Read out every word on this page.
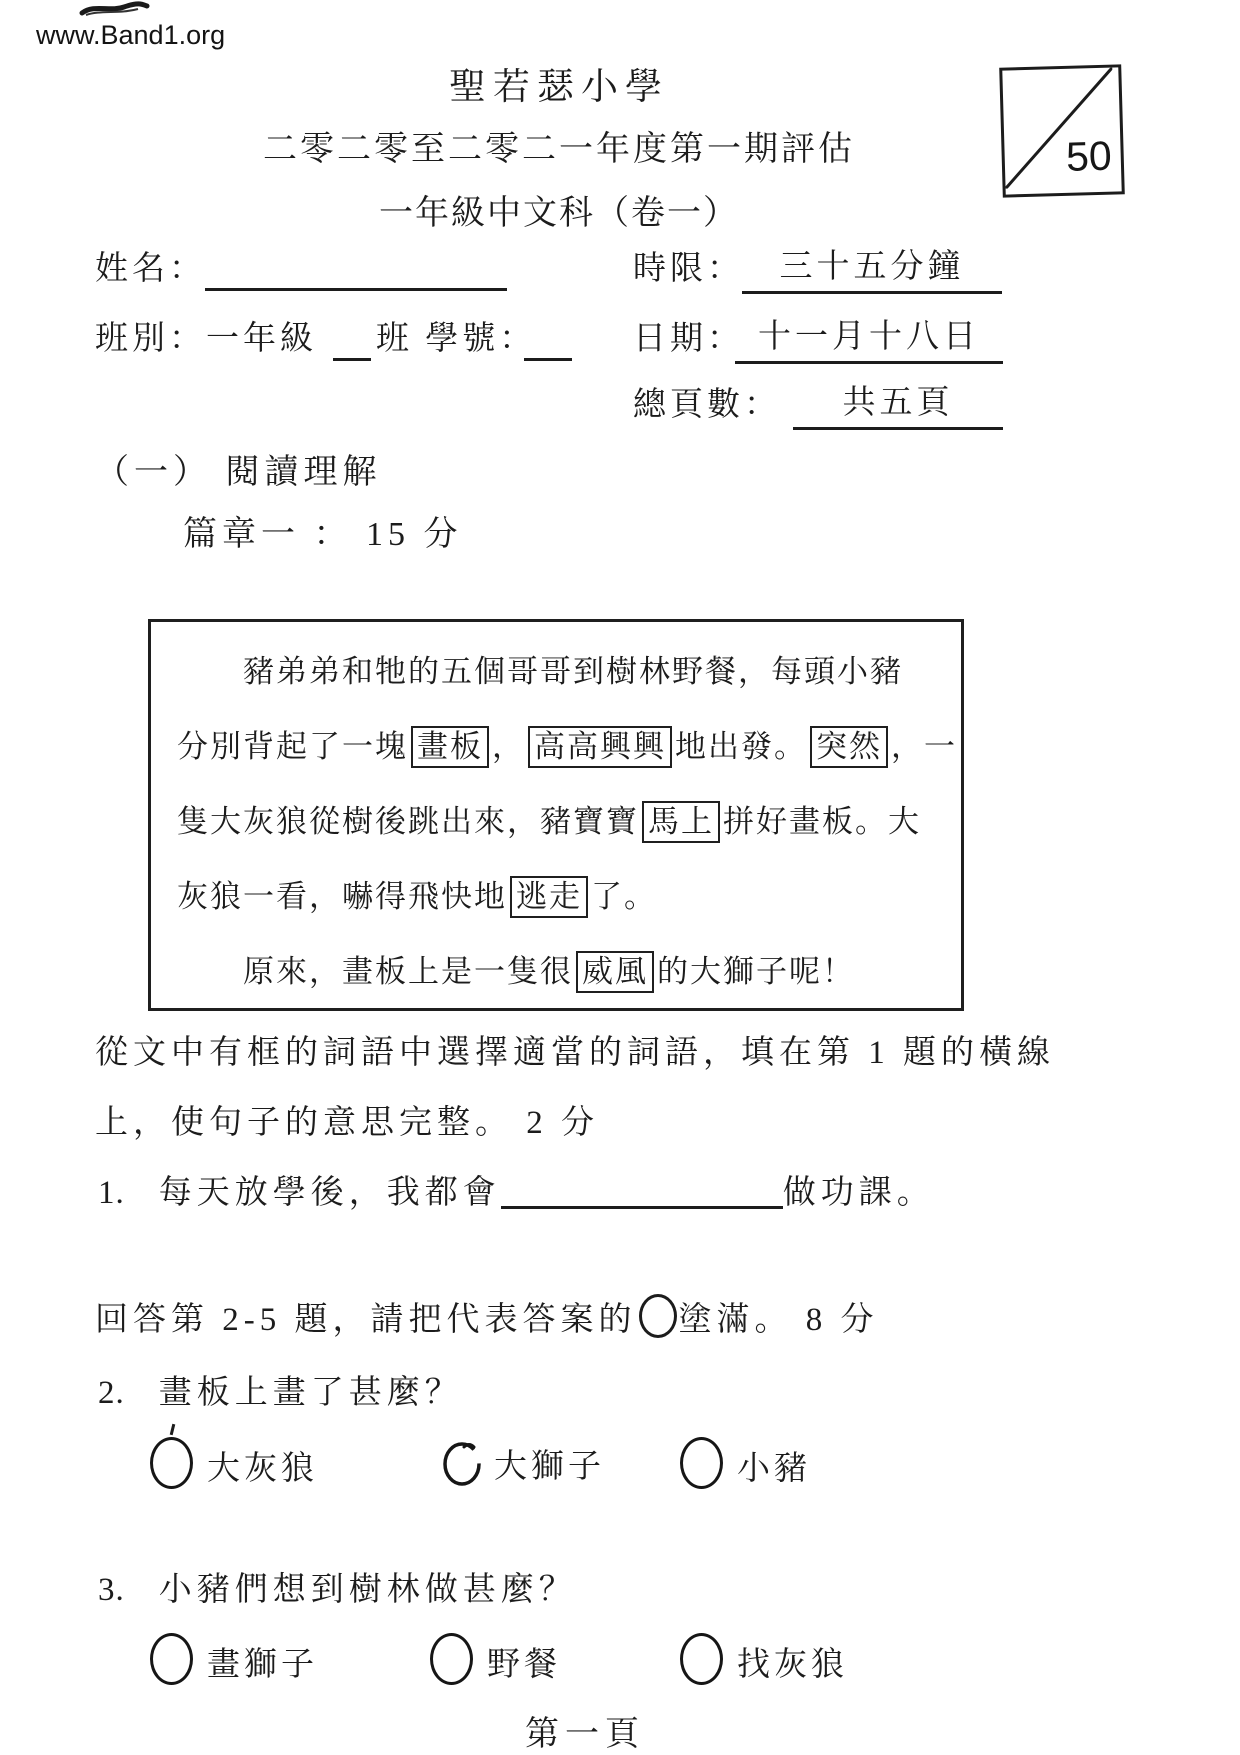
www.Band1.org
聖若瑟小學
二零二零至二零二一年度第一期評估
一年級中文科（卷一）
50
姓名：	時限：	三十五分鐘
班別：一年級 班 學號：	日期： 十一月十八日
總頁數：	共五頁
（一） 閱讀理解
篇章一 ： 15 分
豬弟弟和牠的五個哥哥到樹林野餐，每頭小豬
分別背起了一塊 畫板 ， 高高興興 地出發。 突然 ，一
隻大灰狼從樹後跳出來，豬寶寶 馬上 拼好畫板。大
灰狼一看，嚇得飛快地 逃走 了。
原來，畫板上是一隻很 威風 的大獅子呢！
從文中有框的詞語中選擇適當的詞語，填在第 1 題的橫線
上，使句子的意思完整。 2 分
1. 每天放學後，我都會	做功課。
回答第 2-5 題，請把代表答案的 塗滿。 8 分
2. 畫板上畫了甚麼？
大灰狼	大獅子	小豬
3. 小豬們想到樹林做甚麼？
畫獅子	野餐	找灰狼
第一頁
